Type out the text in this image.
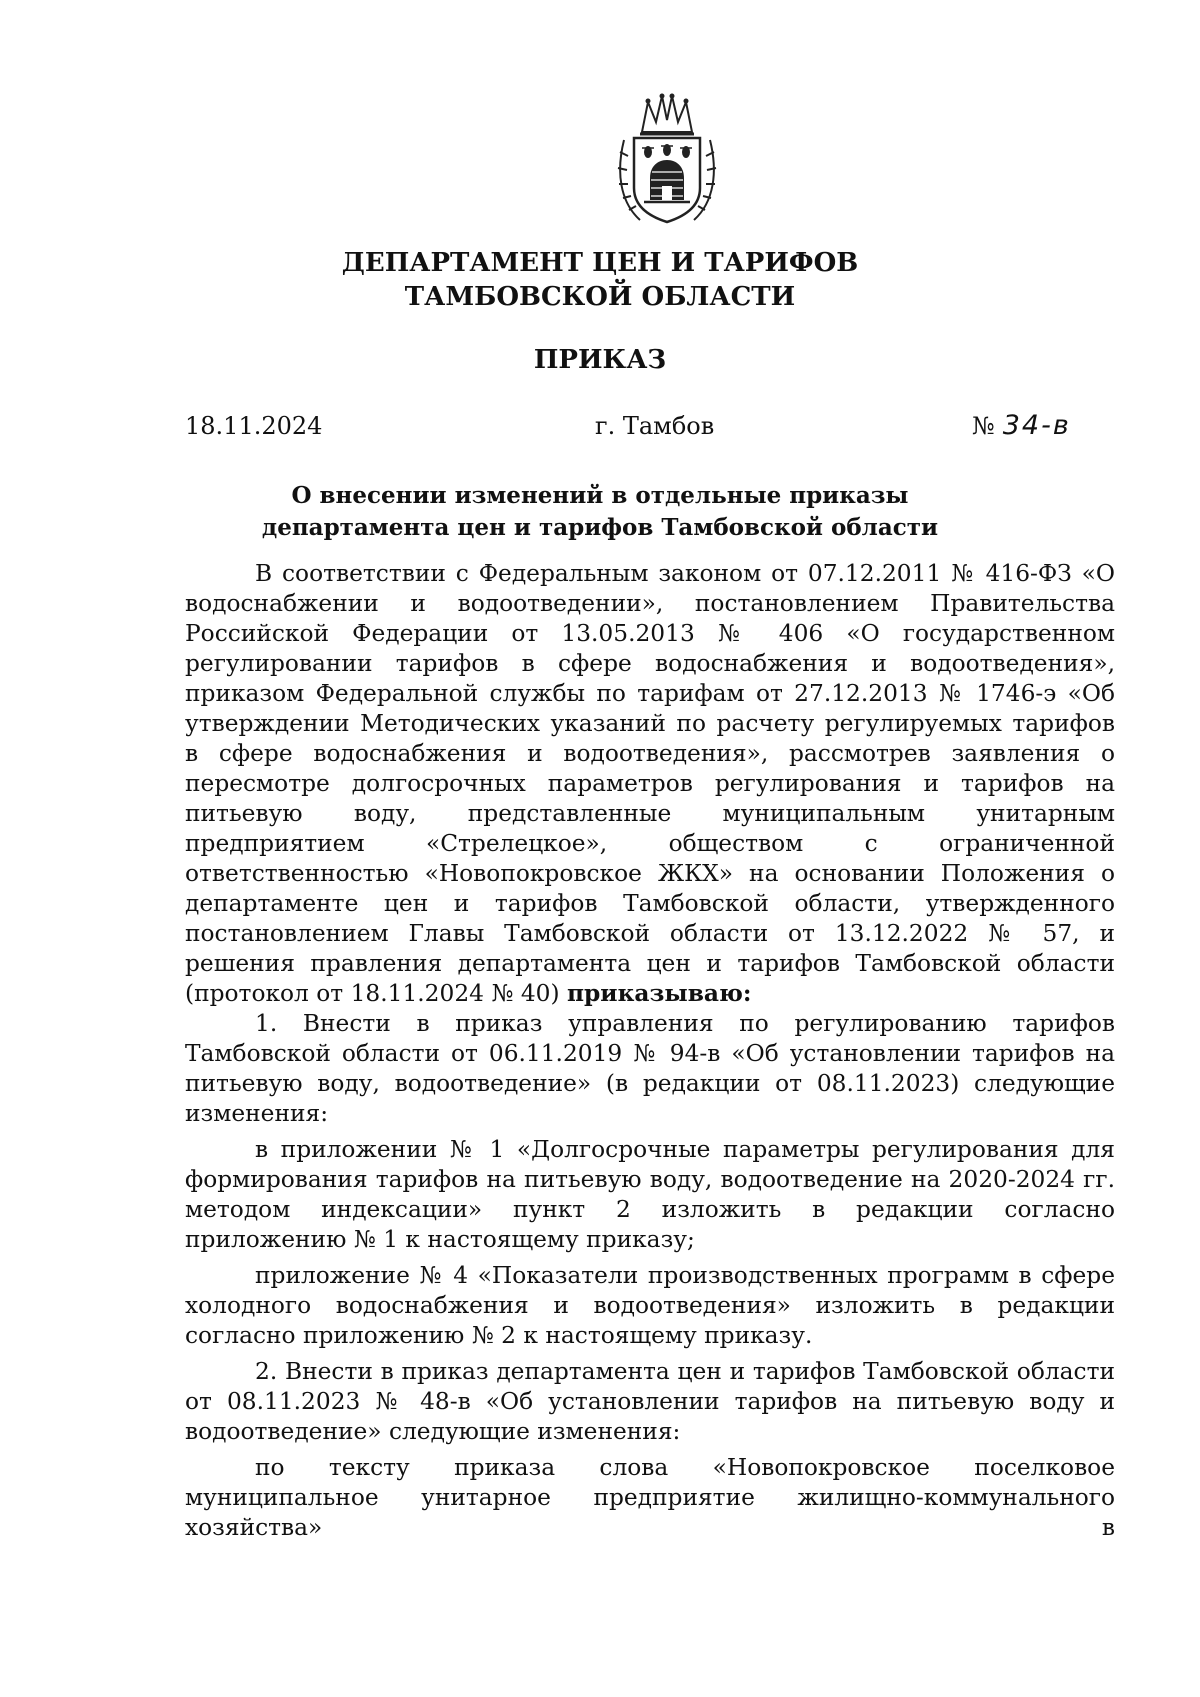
ДЕПАРТАМЕНТ ЦЕН И ТАРИФОВ
ТАМБОВСКОЙ ОБЛАСТИ
ПРИКАЗ
18.11.2024	г. Тамбов	№ 34-в
О внесении изменений в отдельные приказы
департамента цен и тарифов Тамбовской области

В соответствии с Федеральным законом от 07.12.2011 № 416-ФЗ «О водоснабжении и водоотведении», постановлением Правительства Российской Федерации от 13.05.2013 № 406 «О государственном регулировании тарифов в сфере водоснабжения и водоотведения», приказом Федеральной службы по тарифам от 27.12.2013 № 1746-э «Об утверждении Методических указаний по расчету регулируемых тарифов в сфере водоснабжения и водоотведения», рассмотрев заявления о пересмотре долгосрочных параметров регулирования и тарифов на питьевую воду, представленные муниципальным унитарным предприятием «Стрелецкое», обществом с ограниченной ответственностью «Новопокровское ЖКХ» на основании Положения о департаменте цен и тарифов Тамбовской области, утвержденного постановлением Главы Тамбовской области от 13.12.2022 № 57, и решения правления департамента цен и тарифов Тамбовской области (протокол от 18.11.2024 № 40) приказываю:

1. Внести в приказ управления по регулированию тарифов Тамбовской области от 06.11.2019 № 94-в «Об установлении тарифов на питьевую воду, водоотведение» (в редакции от 08.11.2023) следующие изменения:

в приложении № 1 «Долгосрочные параметры регулирования для формирования тарифов на питьевую воду, водоотведение на 2020-2024 гг. методом индексации» пункт 2 изложить в редакции согласно приложению № 1 к настоящему приказу;

приложение № 4 «Показатели производственных программ в сфере холодного водоснабжения и водоотведения» изложить в редакции согласно приложению № 2 к настоящему приказу.

2. Внести в приказ департамента цен и тарифов Тамбовской области от 08.11.2023 № 48-в «Об установлении тарифов на питьевую воду и водоотведение» следующие изменения:

по тексту приказа слова «Новопокровское поселковое муниципальное унитарное предприятие жилищно-коммунального хозяйства» в
